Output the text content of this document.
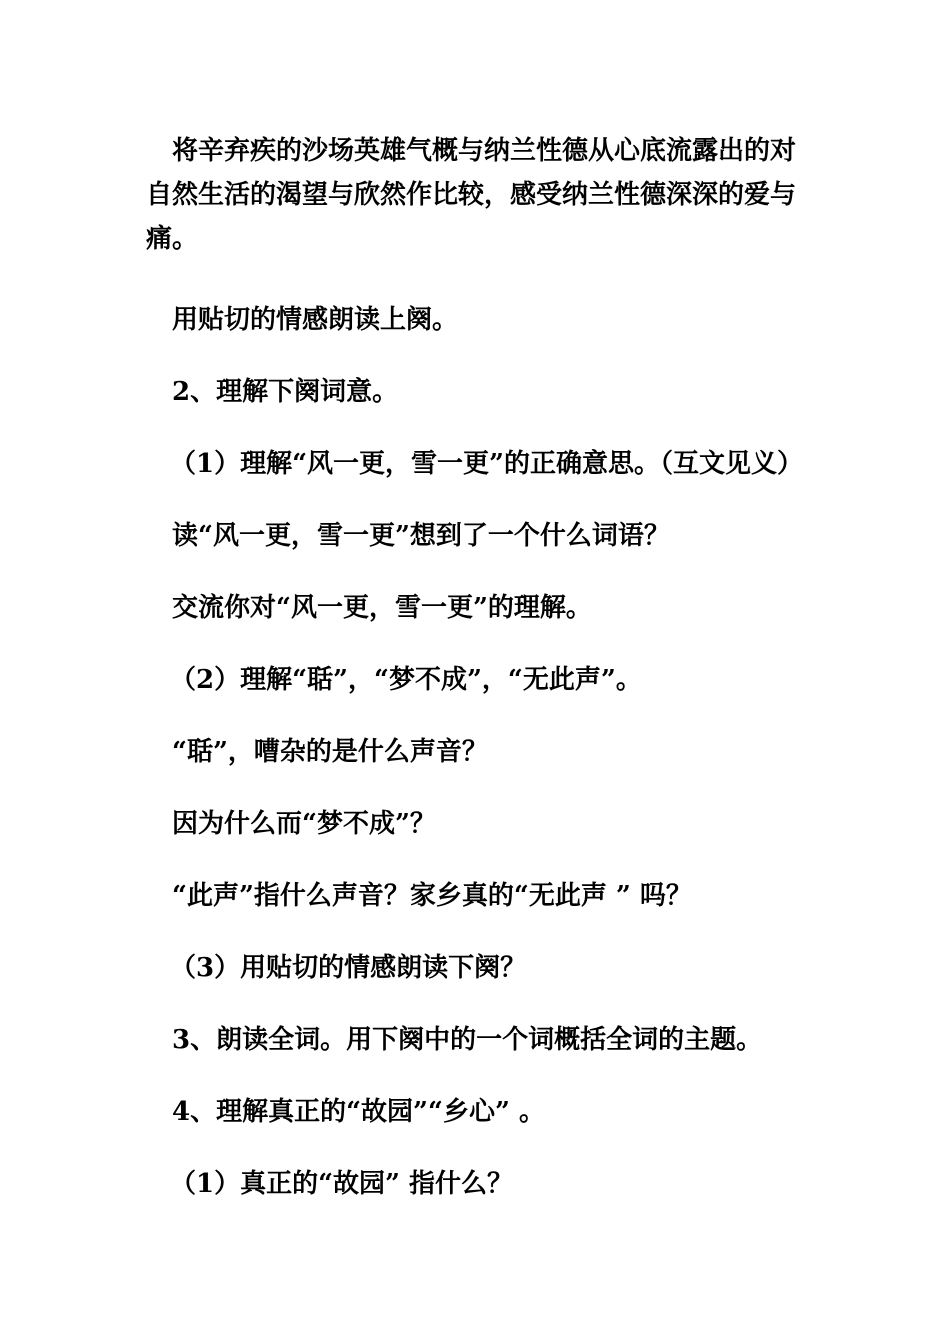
将辛弃疾的沙场英雄气概与纳兰性德从心底流露出的对自然生活的渴望与欣然作比较，感受纳兰性德深深的爱与痛。
用贴切的情感朗读上阕。
2、理解下阕词意。
（1）理解“风一更，雪一更”的正确意思。（互文见义）
读“风一更，雪一更”想到了一个什么词语？
交流你对“风一更，雪一更”的理解。
（2）理解“聒”，“梦不成”，“无此声”。
“聒”，嘈杂的是什么声音？
因为什么而“梦不成”？
“此声”指什么声音？家乡真的“无此声 ” 吗？
（3）用贴切的情感朗读下阕？
3、朗读全词。用下阕中的一个词概括全词的主题。
4、理解真正的“故园”“乡心” 。
（1）真正的“故园” 指什么？
